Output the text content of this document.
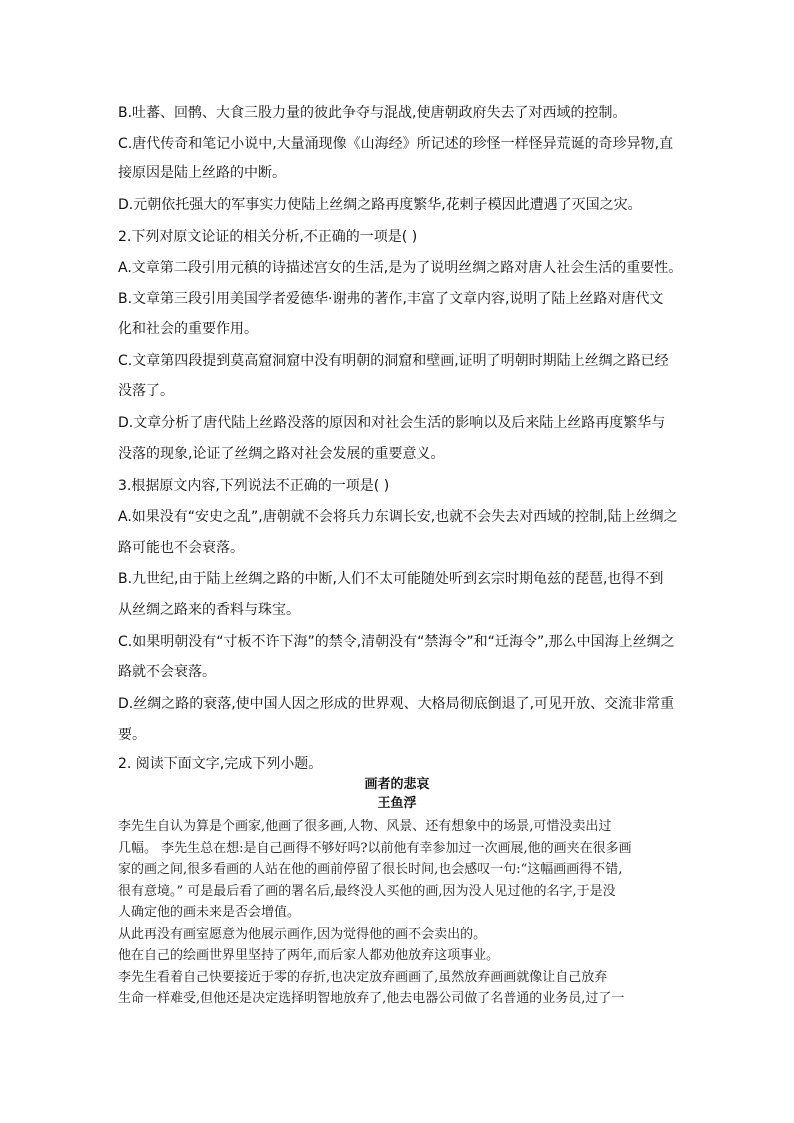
B.吐蕃、回鹘、大食三股力量的彼此争夺与混战,使唐朝政府失去了对西域的控制。
C.唐代传奇和笔记小说中,大量涌现像《山海经》所记述的珍怪一样怪异荒诞的奇珍异物,直
接原因是陆上丝路的中断。
D.元朝依托强大的军事实力使陆上丝绸之路再度繁华,花剌子模因此遭遇了灭国之灾。
2.下列对原文论证的相关分析,不正确的一项是( )
A.文章第二段引用元稹的诗描述宫女的生活,是为了说明丝绸之路对唐人社会生活的重要性。
B.文章第三段引用美国学者爱德华·谢弗的著作,丰富了文章内容,说明了陆上丝路对唐代文
化和社会的重要作用。
C.文章第四段提到莫高窟洞窟中没有明朝的洞窟和壁画,证明了明朝时期陆上丝绸之路已经
没落了。
D.文章分析了唐代陆上丝路没落的原因和对社会生活的影响以及后来陆上丝路再度繁华与
没落的现象,论证了丝绸之路对社会发展的重要意义。
3.根据原文内容,下列说法不正确的一项是( )
A.如果没有“安史之乱”,唐朝就不会将兵力东调长安,也就不会失去对西域的控制,陆上丝绸之
路可能也不会衰落。
B.九世纪,由于陆上丝绸之路的中断,人们不太可能随处听到玄宗时期龟兹的琵琶,也得不到
从丝绸之路来的香料与珠宝。
C.如果明朝没有“寸板不许下海”的禁令,清朝没有“禁海令”和“迁海令”,那么中国海上丝绸之
路就不会衰落。
D.丝绸之路的衰落,使中国人因之形成的世界观、大格局彻底倒退了,可见开放、交流非常重
要。
2. 阅读下面文字,完成下列小题。
画者的悲哀
王鱼浮
李先生自认为算是个画家,他画了很多画,人物、风景、还有想象中的场景,可惜没卖出过
几幅。 李先生总在想:是自己画得不够好吗?以前他有幸参加过一次画展,他的画夹在很多画
家的画之间,很多看画的人站在他的画前停留了很长时间,也会感叹一句:“这幅画画得不错,
很有意境。” 可是最后看了画的署名后,最终没人买他的画,因为没人见过他的名字,于是没
人确定他的画未来是否会增值。
从此再没有画室愿意为他展示画作,因为觉得他的画不会卖出的。
他在自己的绘画世界里坚持了两年,而后家人都劝他放弃这项事业。
李先生看着自己快要接近于零的存折,也决定放弃画画了,虽然放弃画画就像让自己放弃
生命一样难受,但他还是决定选择明智地放弃了,他去电器公司做了名普通的业务员,过了一
